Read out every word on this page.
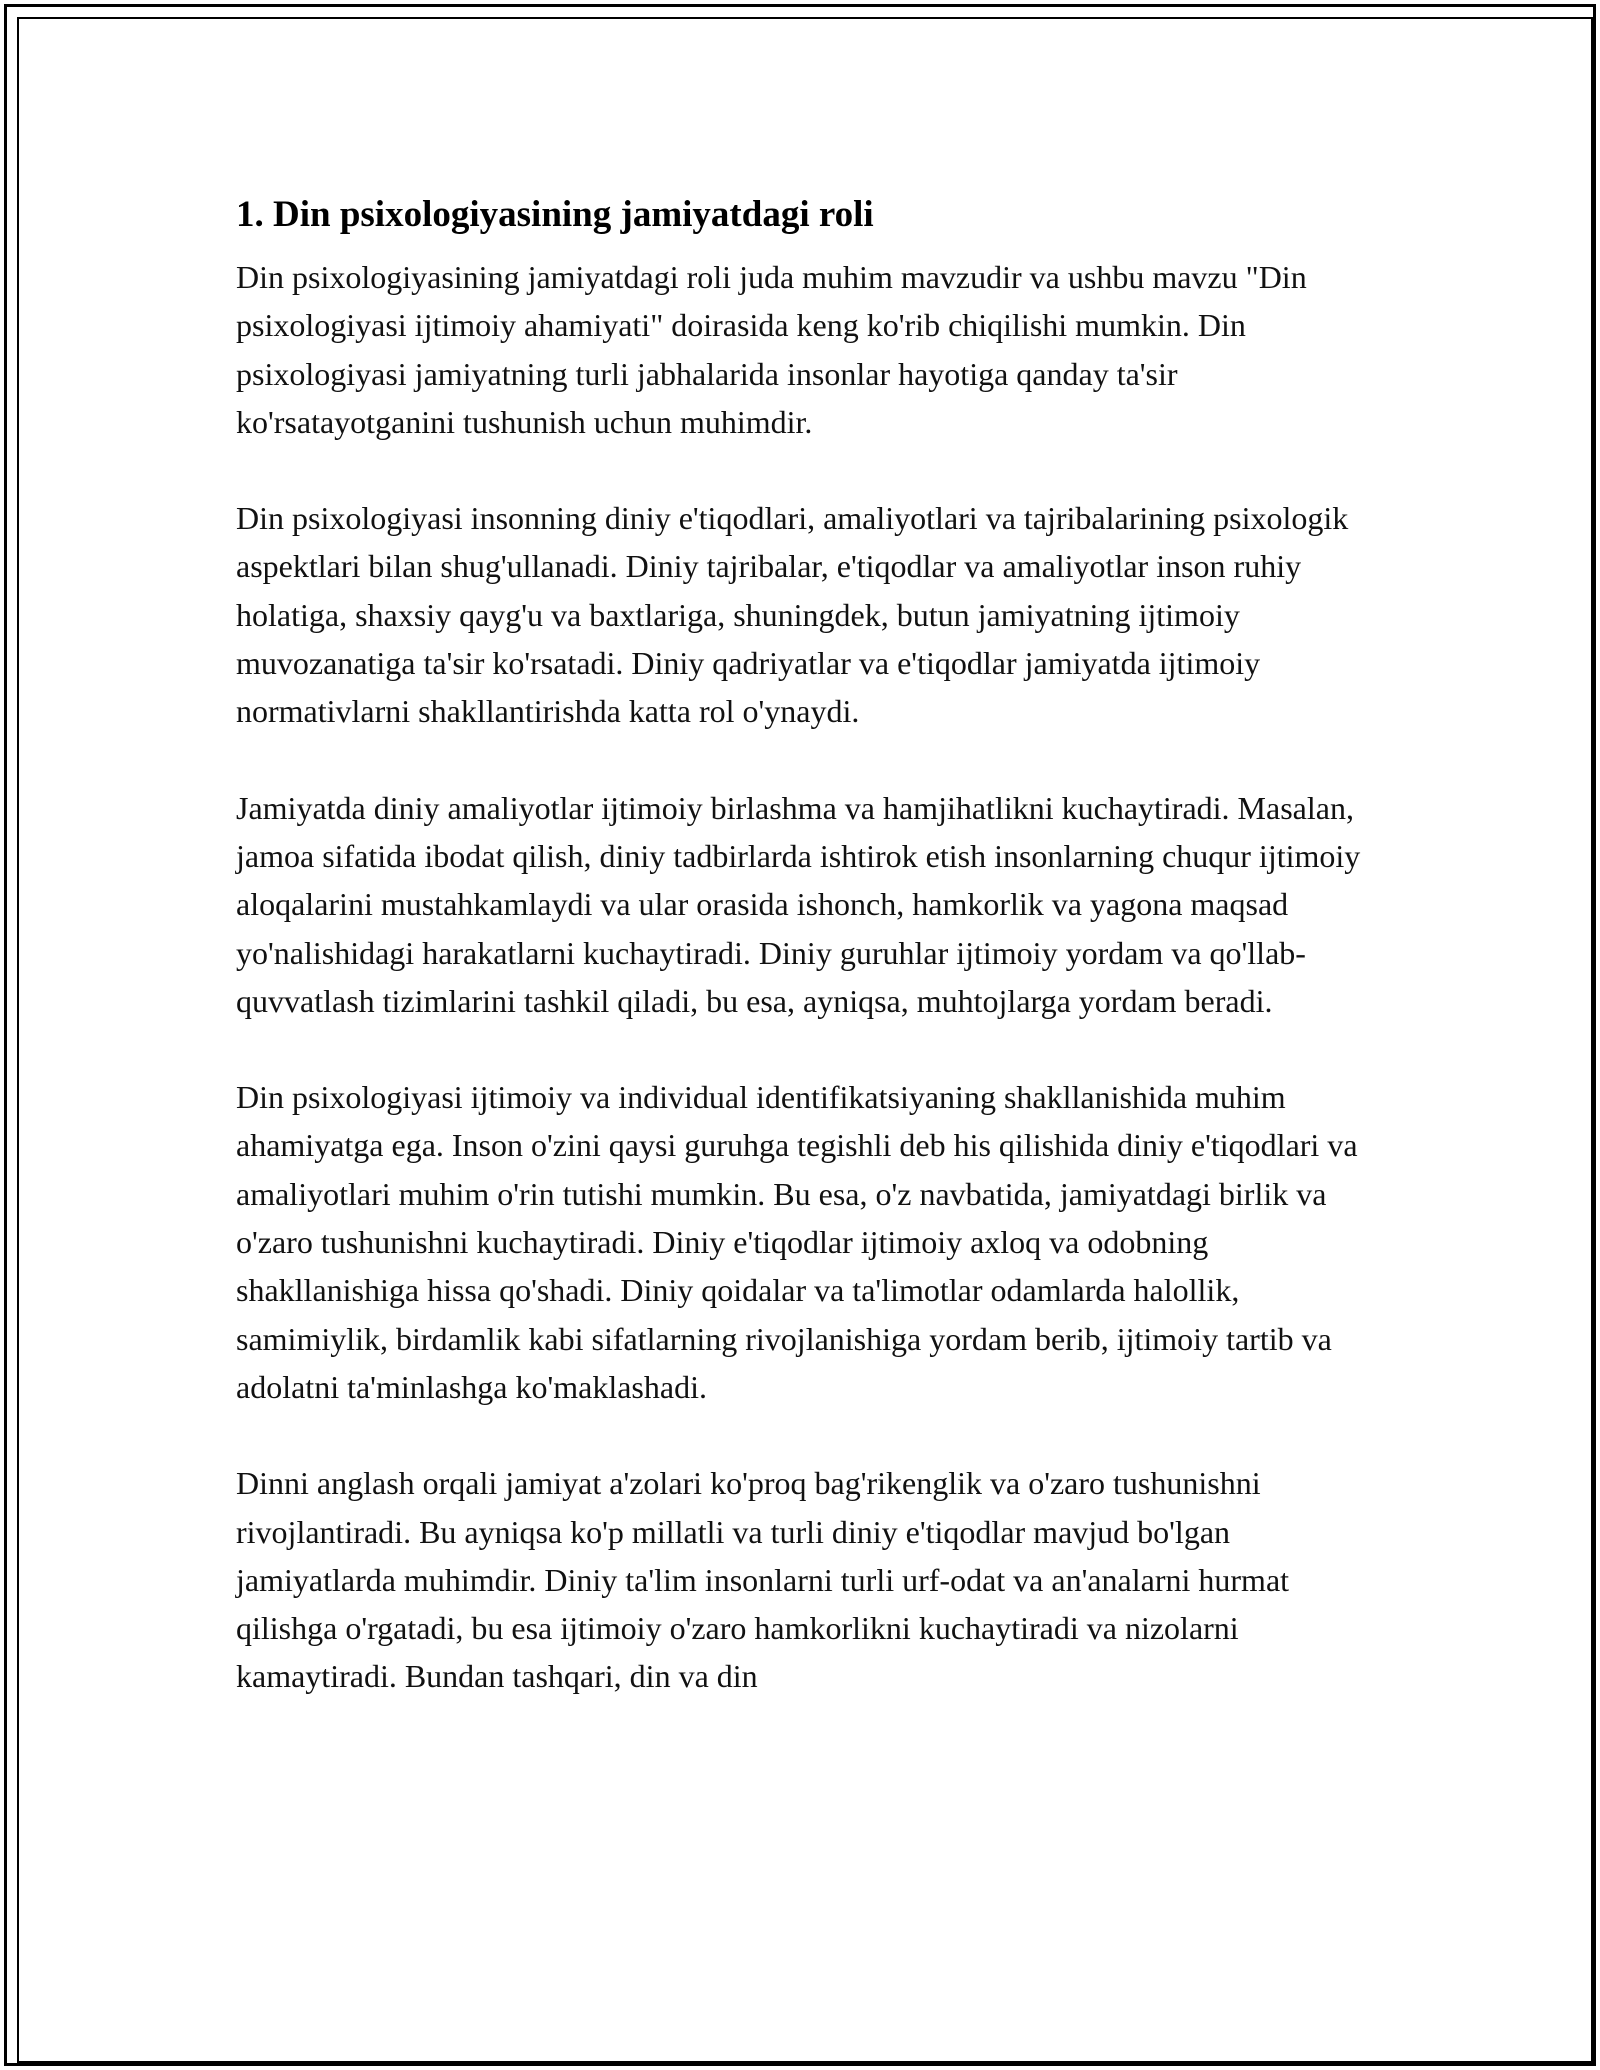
1. Din psixologiyasining jamiyatdagi roli

Din psixologiyasining jamiyatdagi roli juda muhim mavzudir va ushbu mavzu "Din psixologiyasi ijtimoiy ahamiyati" doirasida keng ko'rib chiqilishi mumkin. Din psixologiyasi jamiyatning turli jabhalarida insonlar hayotiga qanday ta'sir ko'rsatayotganini tushunish uchun muhimdir.

Din psixologiyasi insonning diniy e'tiqodlari, amaliyotlari va tajribalarining psixologik aspektlari bilan shug'ullanadi. Diniy tajribalar, e'tiqodlar va amaliyotlar inson ruhiy holatiga, shaxsiy qayg'u va baxtlariga, shuningdek, butun jamiyatning ijtimoiy muvozanatiga ta'sir ko'rsatadi. Diniy qadriyatlar va e'tiqodlar jamiyatda ijtimoiy normativlarni shakllantirishda katta rol o'ynaydi.

Jamiyatda diniy amaliyotlar ijtimoiy birlashma va hamjihatlikni kuchaytiradi. Masalan, jamoa sifatida ibodat qilish, diniy tadbirlarda ishtirok etish insonlarning chuqur ijtimoiy aloqalarini mustahkamlaydi va ular orasida ishonch, hamkorlik va yagona maqsad yo'nalishidagi harakatlarni kuchaytiradi. Diniy guruhlar ijtimoiy yordam va qo'llab-quvvatlash tizimlarini tashkil qiladi, bu esa, ayniqsa, muhtojlarga yordam beradi.

Din psixologiyasi ijtimoiy va individual identifikatsiyaning shakllanishida muhim ahamiyatga ega. Inson o'zini qaysi guruhga tegishli deb his qilishida diniy e'tiqodlari va amaliyotlari muhim o'rin tutishi mumkin. Bu esa, o'z navbatida, jamiyatdagi birlik va o'zaro tushunishni kuchaytiradi. Diniy e'tiqodlar ijtimoiy axloq va odobning shakllanishiga hissa qo'shadi. Diniy qoidalar va ta'limotlar odamlarda halollik, samimiylik, birdamlik kabi sifatlarning rivojlanishiga yordam berib, ijtimoiy tartib va adolatni ta'minlashga ko'maklashadi.

Dinni anglash orqali jamiyat a'zolari ko'proq bag'rikenglik va o'zaro tushunishni rivojlantiradi. Bu ayniqsa ko'p millatli va turli diniy e'tiqodlar mavjud bo'lgan jamiyatlarda muhimdir. Diniy ta'lim insonlarni turli urf-odat va an'analarni hurmat qilishga o'rgatadi, bu esa ijtimoiy o'zaro hamkorlikni kuchaytiradi va nizolarni kamaytiradi. Bundan tashqari, din va din
